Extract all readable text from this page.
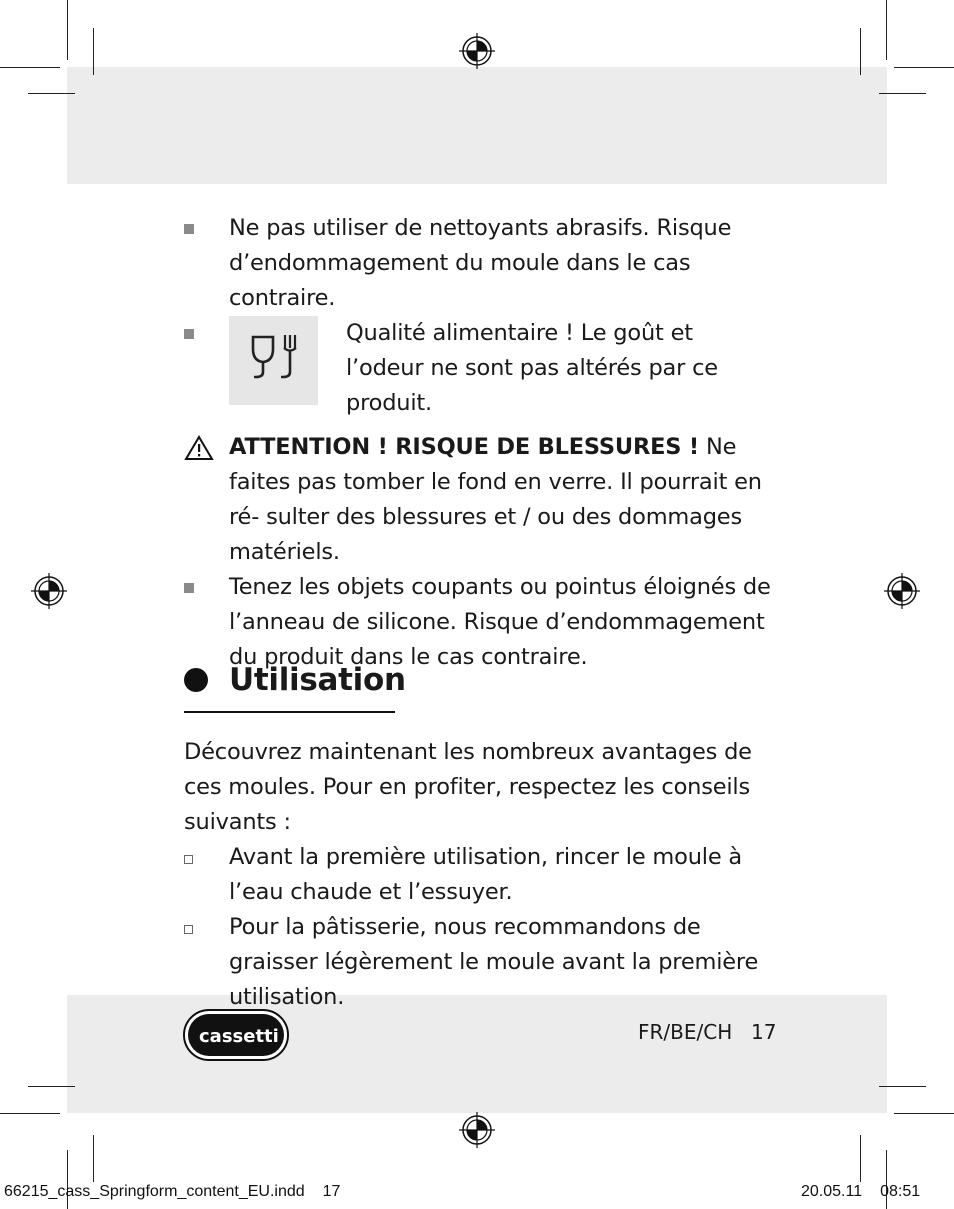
Ne pas utiliser de nettoyants abrasifs. Risque d’endommagement du moule dans le cas contraire.
Qualité alimentaire ! Le goût et l’odeur ne sont pas altérés par ce produit.
ATTENTION ! RISQUE DE BLESSURES ! Ne faites pas tomber le fond en verre. Il pourrait en ré- sulter des blessures et / ou des dommages matériels.
Tenez les objets coupants ou pointus éloignés de l’anneau de silicone. Risque d’endommagement du produit dans le cas contraire.
Utilisation
Découvrez maintenant les nombreux avantages de ces moules. Pour en profiter, respectez les conseils suivants :
Avant la première utilisation, rincer le moule à l’eau chaude et l’essuyer.
Pour la pâtisserie, nous recommandons de graisser légèrement le moule avant la première utilisation.
cassetti	FR/BE/CH 17
66215_cass_Springform_content_EU.indd 17	20.05.11 08:51
